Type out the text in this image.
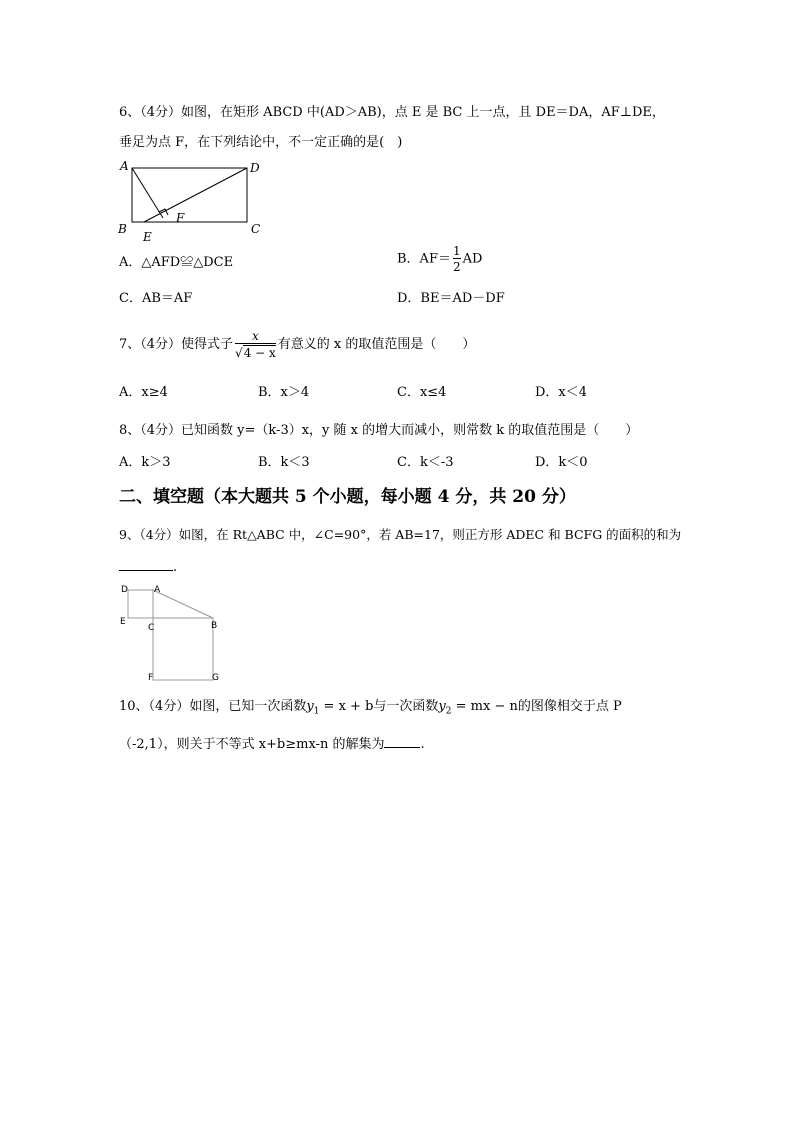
6、（4分）如图，在矩形 ABCD 中(AD＞AB)，点 E 是 BC 上一点，且 DE＝DA，AF⊥DE，
垂足为点 F，在下列结论中，不一定正确的是(　)
A	D
B
E
F
C
A．△AFD≌△DCE	B．$AF= \frac{1}{2}$ AD
C．AB＝AF	D．BE＝AD－DF
7、（4分）使得式子 $\frac{x}{√4 - x}$ 有意义的 x 的取值范围是（　　）
A．x≥4	B．x＞4	C．x≤4	D．x＜4
8、（4分）已知函数 y=（k-3）x，y 随 x 的增大而减小，则常数 k 的取值范围是（　　）
A．k＞3	B．k＜3	C．k＜-3	D．k＜0
二、填空题（本大题共 5 个小题，每小题 4 分，共 20 分）
9、（4分）如图，在 Rt△ABC 中，∠C=90°，若 AB=17，则正方形 ADEC 和 BCFG 的面积的和为
.
D	A
E
C	B
F	G
10、（4分）如图，已知一次函数$y_1 = x + b$与一次函数$y_2$ = mx − n的图像相交于点 P
（-2,1），则关于不等式 x+b≥mx-n 的解集为	.
